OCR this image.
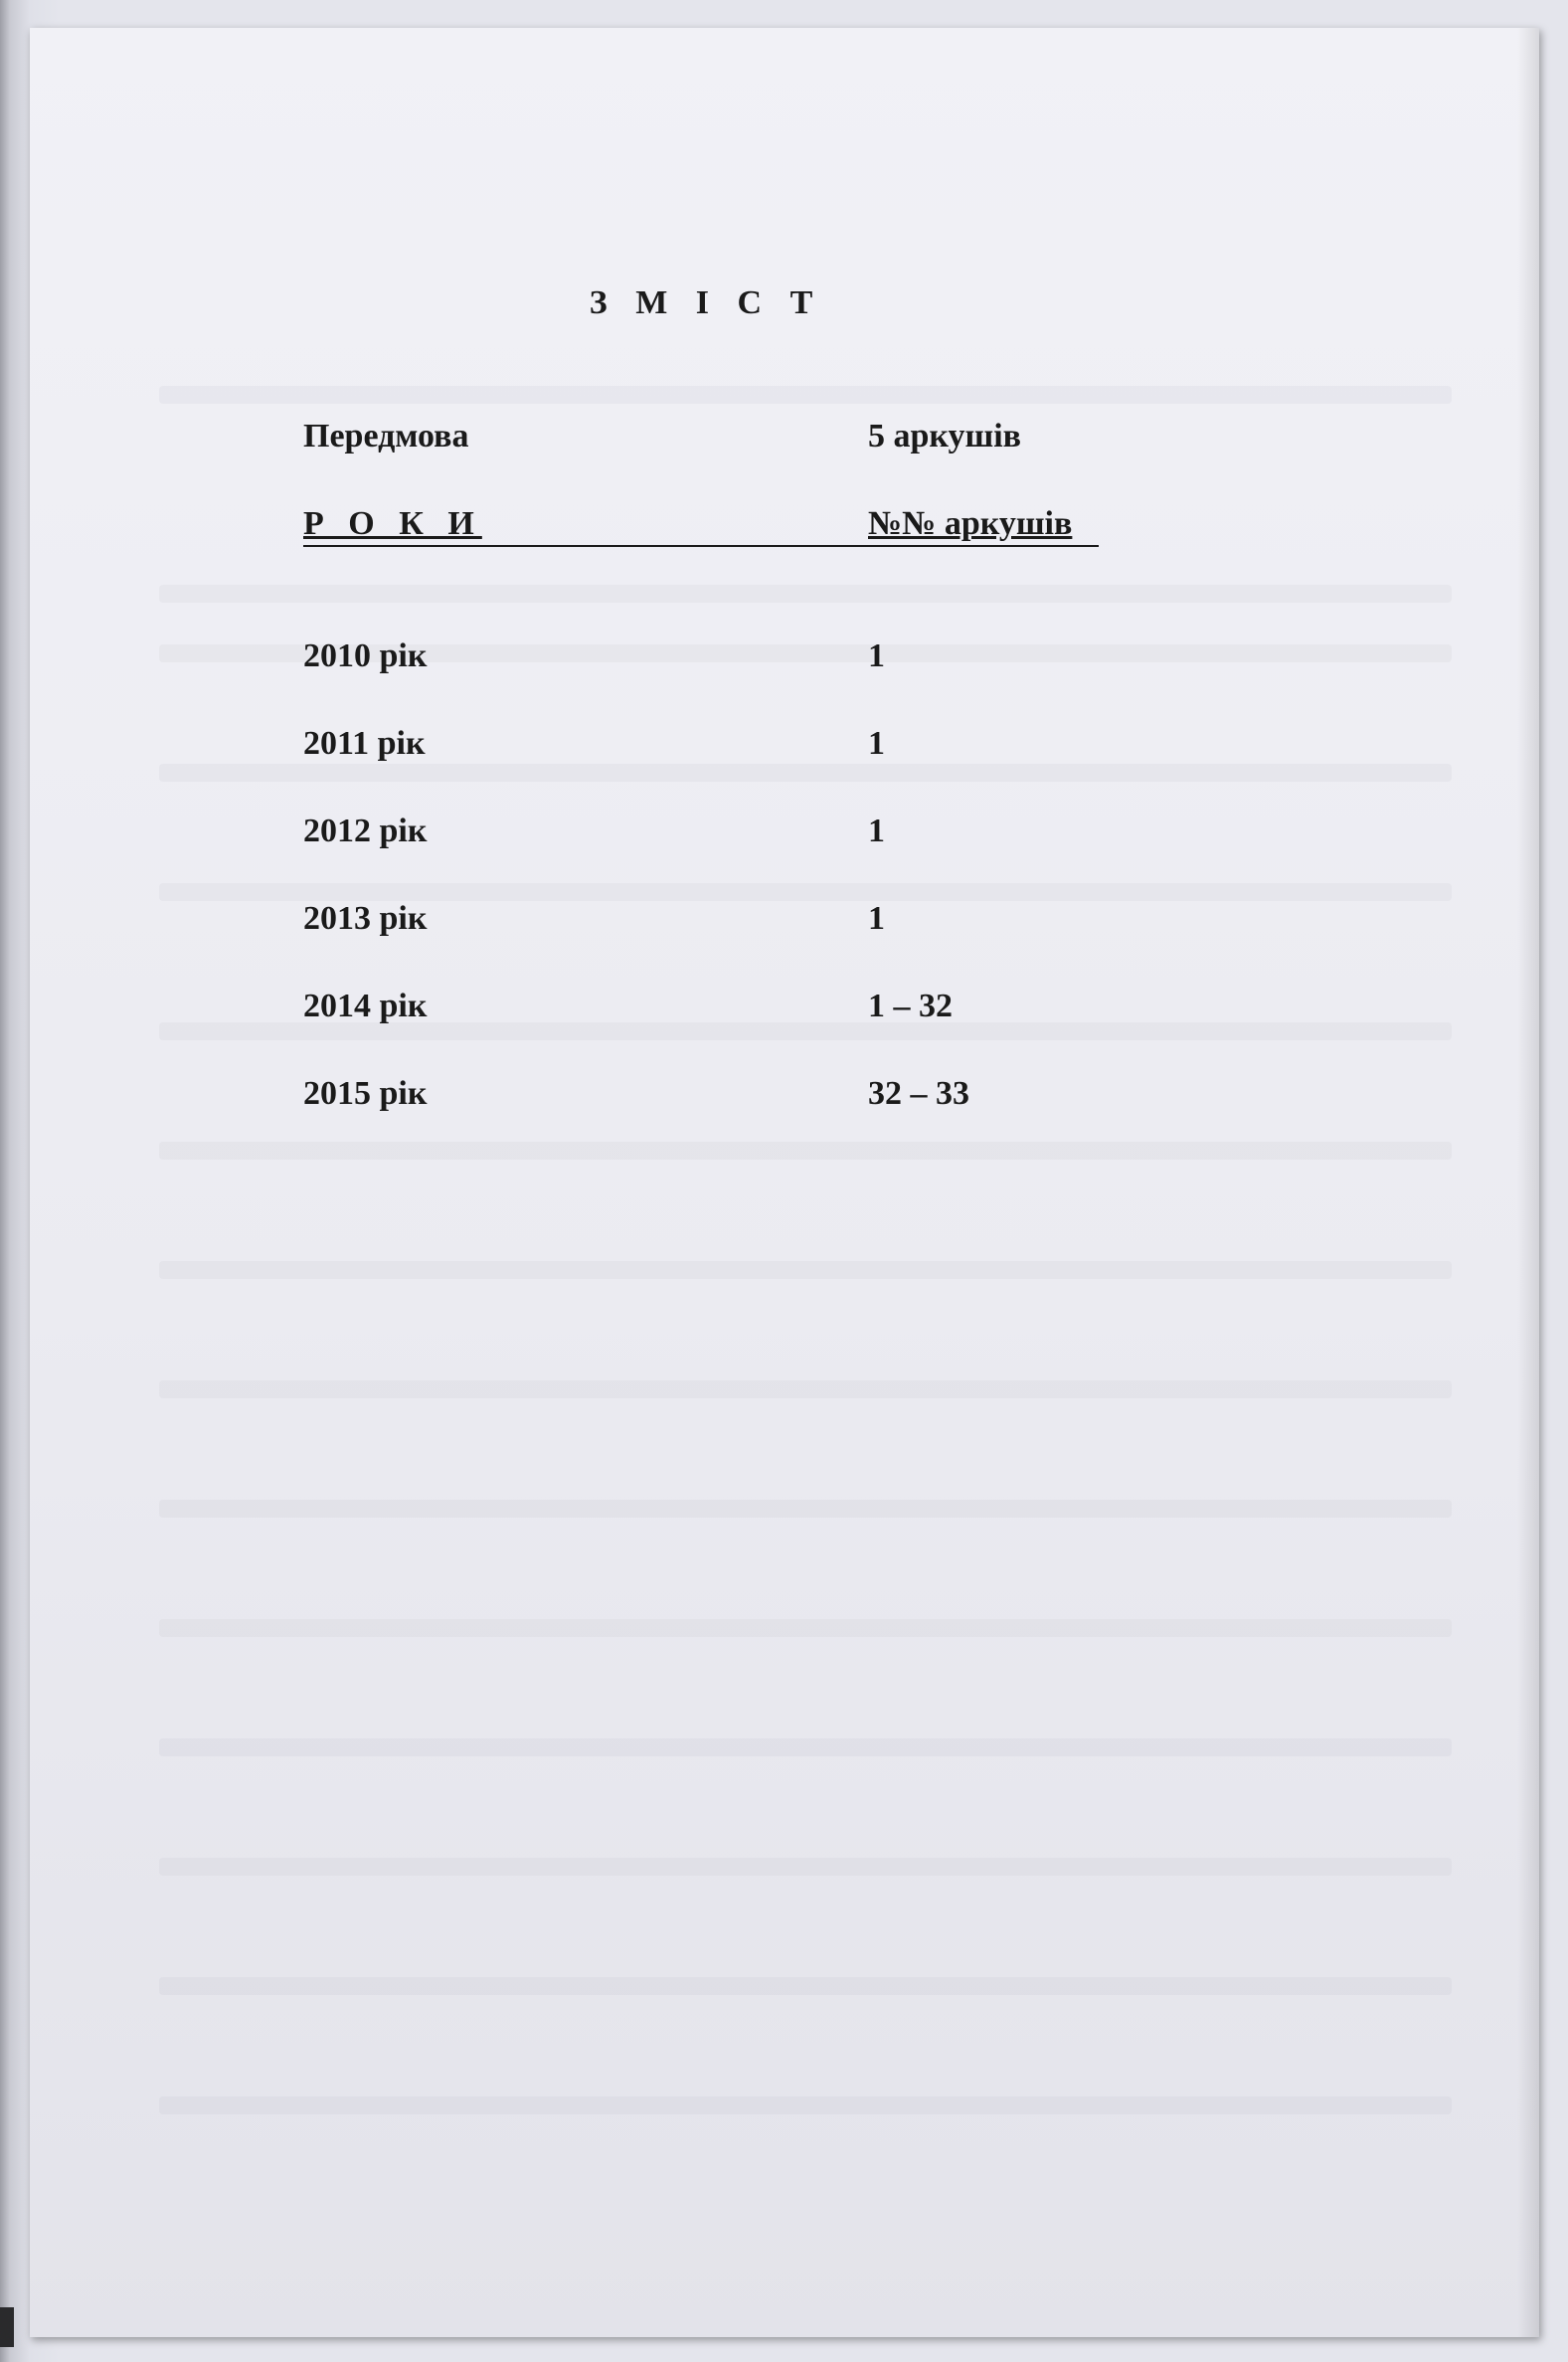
З М І С Т
Передмова	5 аркушів
Р О К И	№№ аркушів
2010 рік	1
2011 рік	1
2012 рік	1
2013 рік	1
2014 рік	1 – 32
2015 рік	32 – 33
